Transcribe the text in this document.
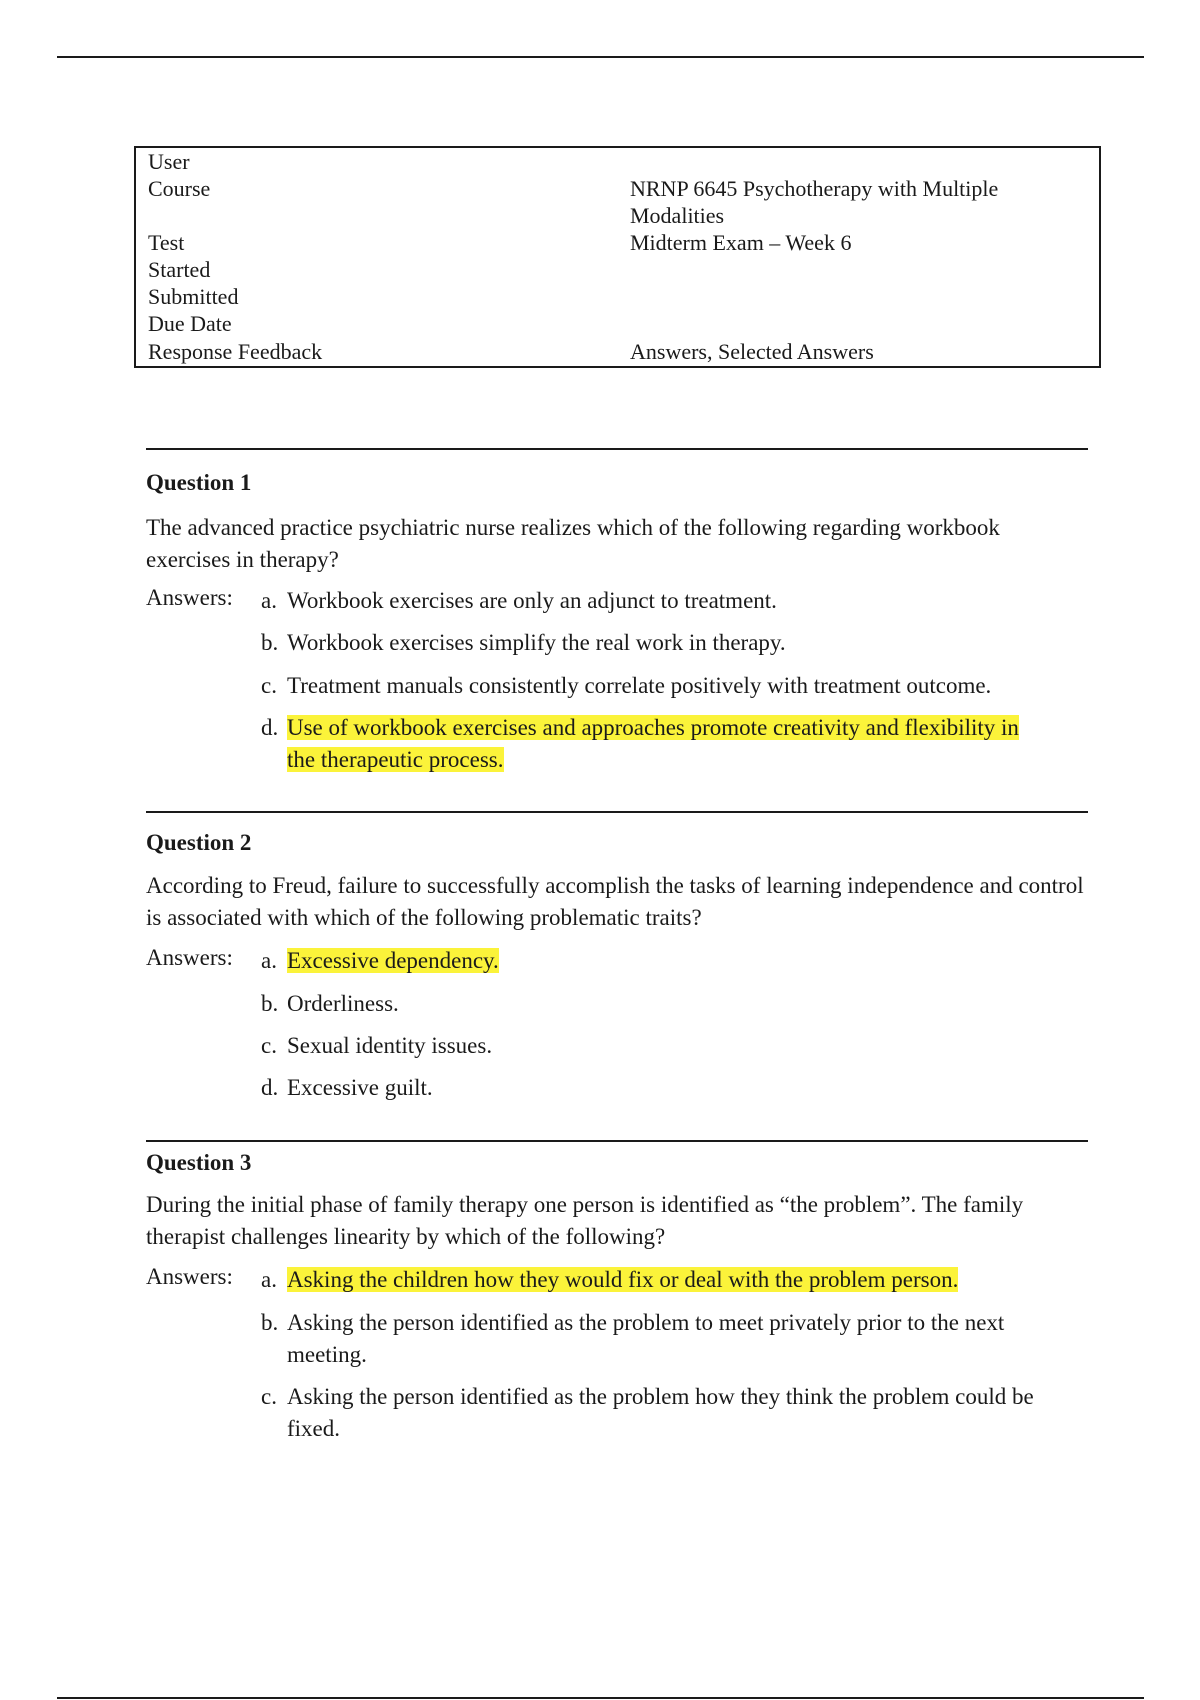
User
Course	NRNP 6645 Psychotherapy with Multiple Modalities
Test	Midterm Exam – Week 6
Started
Submitted
Due Date
Response Feedback	Answers, Selected Answers
Question 1
The advanced practice psychiatric nurse realizes which of the following regarding workbook exercises in therapy?
Answers: a. Workbook exercises are only an adjunct to treatment.
b. Workbook exercises simplify the real work in therapy.
c. Treatment manuals consistently correlate positively with treatment outcome.
d. Use of workbook exercises and approaches promote creativity and flexibility in the therapeutic process.
Question 2
According to Freud, failure to successfully accomplish the tasks of learning independence and control is associated with which of the following problematic traits?
Answers: a. Excessive dependency.
b. Orderliness.
c. Sexual identity issues.
d. Excessive guilt.
Question 3
During the initial phase of family therapy one person is identified as “the problem”. The family therapist challenges linearity by which of the following?
Answers: a. Asking the children how they would fix or deal with the problem person.
b. Asking the person identified as the problem to meet privately prior to the next meeting.
c. Asking the person identified as the problem how they think the problem could be fixed.
